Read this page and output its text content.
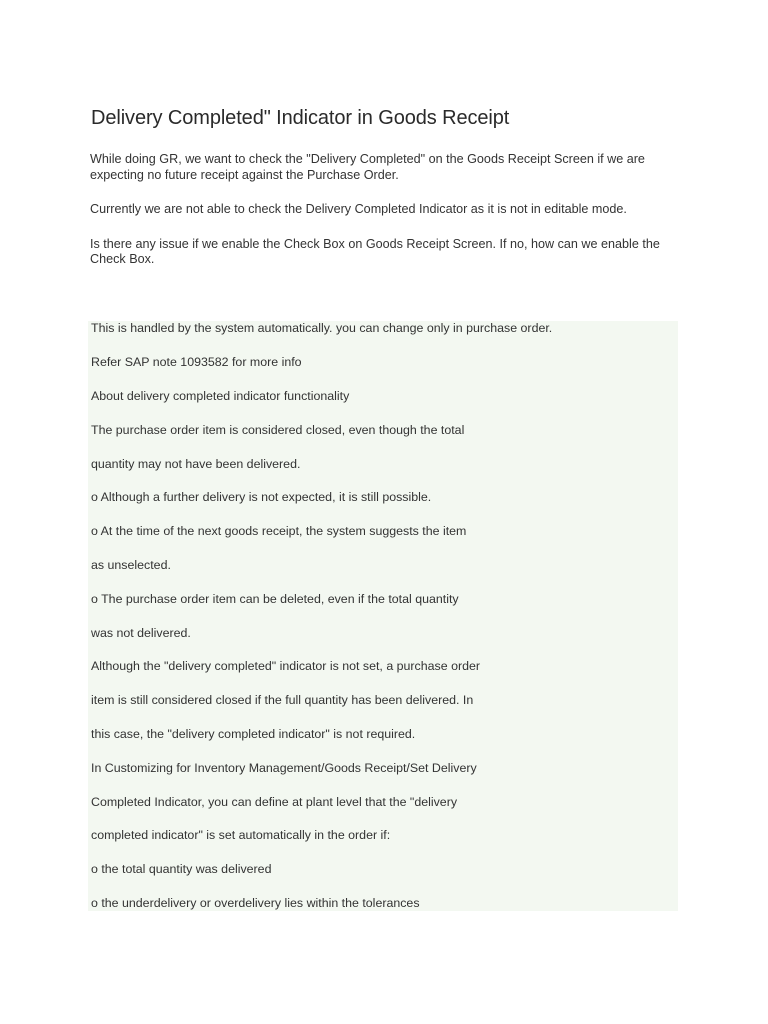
Delivery Completed" Indicator in Goods Receipt

While doing GR, we want to check the "Delivery Completed" on the Goods Receipt Screen if we are expecting no future receipt against the Purchase Order.

Currently we are not able to check the Delivery Completed Indicator as it is not in editable mode.

Is there any issue if we enable the Check Box on Goods Receipt Screen. If no, how can we enable the Check Box.

This is handled by the system automatically. you can change only in purchase order.

Refer SAP note 1093582 for more info

About delivery completed indicator functionality

The purchase order item is considered closed, even though the total

quantity may not have been delivered.

o Although a further delivery is not expected, it is still possible.

o At the time of the next goods receipt, the system suggests the item

as unselected.

o The purchase order item can be deleted, even if the total quantity

was not delivered.

Although the "delivery completed" indicator is not set, a purchase order

item is still considered closed if the full quantity has been delivered. In

this case, the "delivery completed indicator" is not required.

In Customizing for Inventory Management/Goods Receipt/Set Delivery

Completed Indicator, you can define at plant level that the "delivery

completed indicator" is set automatically in the order if:

o the total quantity was delivered

o the underdelivery or overdelivery lies within the tolerances
